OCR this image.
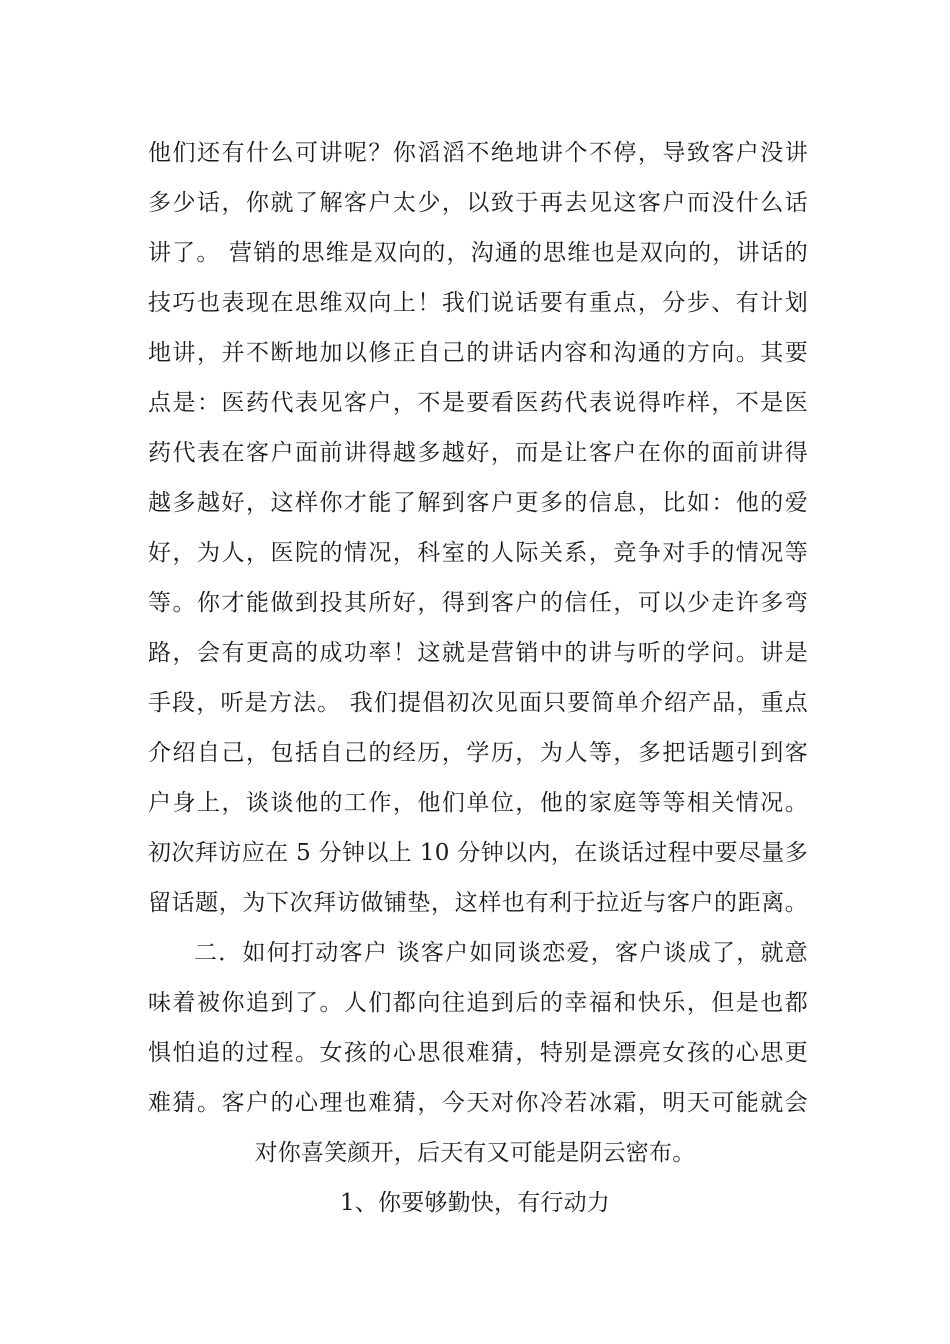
他们还有什么可讲呢？你滔滔不绝地讲个不停，导致客户没讲
多少话，你就了解客户太少，以致于再去见这客户而没什么话
讲了。 营销的思维是双向的，沟通的思维也是双向的，讲话的
技巧也表现在思维双向上！我们说话要有重点，分步、有计划
地讲，并不断地加以修正自己的讲话内容和沟通的方向。其要
点是：医药代表见客户，不是要看医药代表说得咋样，不是医
药代表在客户面前讲得越多越好，而是让客户在你的面前讲得
越多越好，这样你才能了解到客户更多的信息，比如：他的爱
好，为人，医院的情况，科室的人际关系，竞争对手的情况等
等。你才能做到投其所好，得到客户的信任，可以少走许多弯
路，会有更高的成功率！这就是营销中的讲与听的学问。讲是
手段，听是方法。 我们提倡初次见面只要简单介绍产品，重点
介绍自己，包括自己的经历，学历，为人等，多把话题引到客
户身上，谈谈他的工作，他们单位，他的家庭等等相关情况。
初次拜访应在 5 分钟以上 10 分钟以内，在谈话过程中要尽量多
留话题，为下次拜访做铺垫，这样也有利于拉近与客户的距离。
二．如何打动客户 谈客户如同谈恋爱，客户谈成了，就意
味着被你追到了。人们都向往追到后的幸福和快乐，但是也都
惧怕追的过程。女孩的心思很难猜，特别是漂亮女孩的心思更
难猜。客户的心理也难猜，今天对你冷若冰霜，明天可能就会
对你喜笑颜开，后天有又可能是阴云密布。
1、你要够勤快，有行动力
